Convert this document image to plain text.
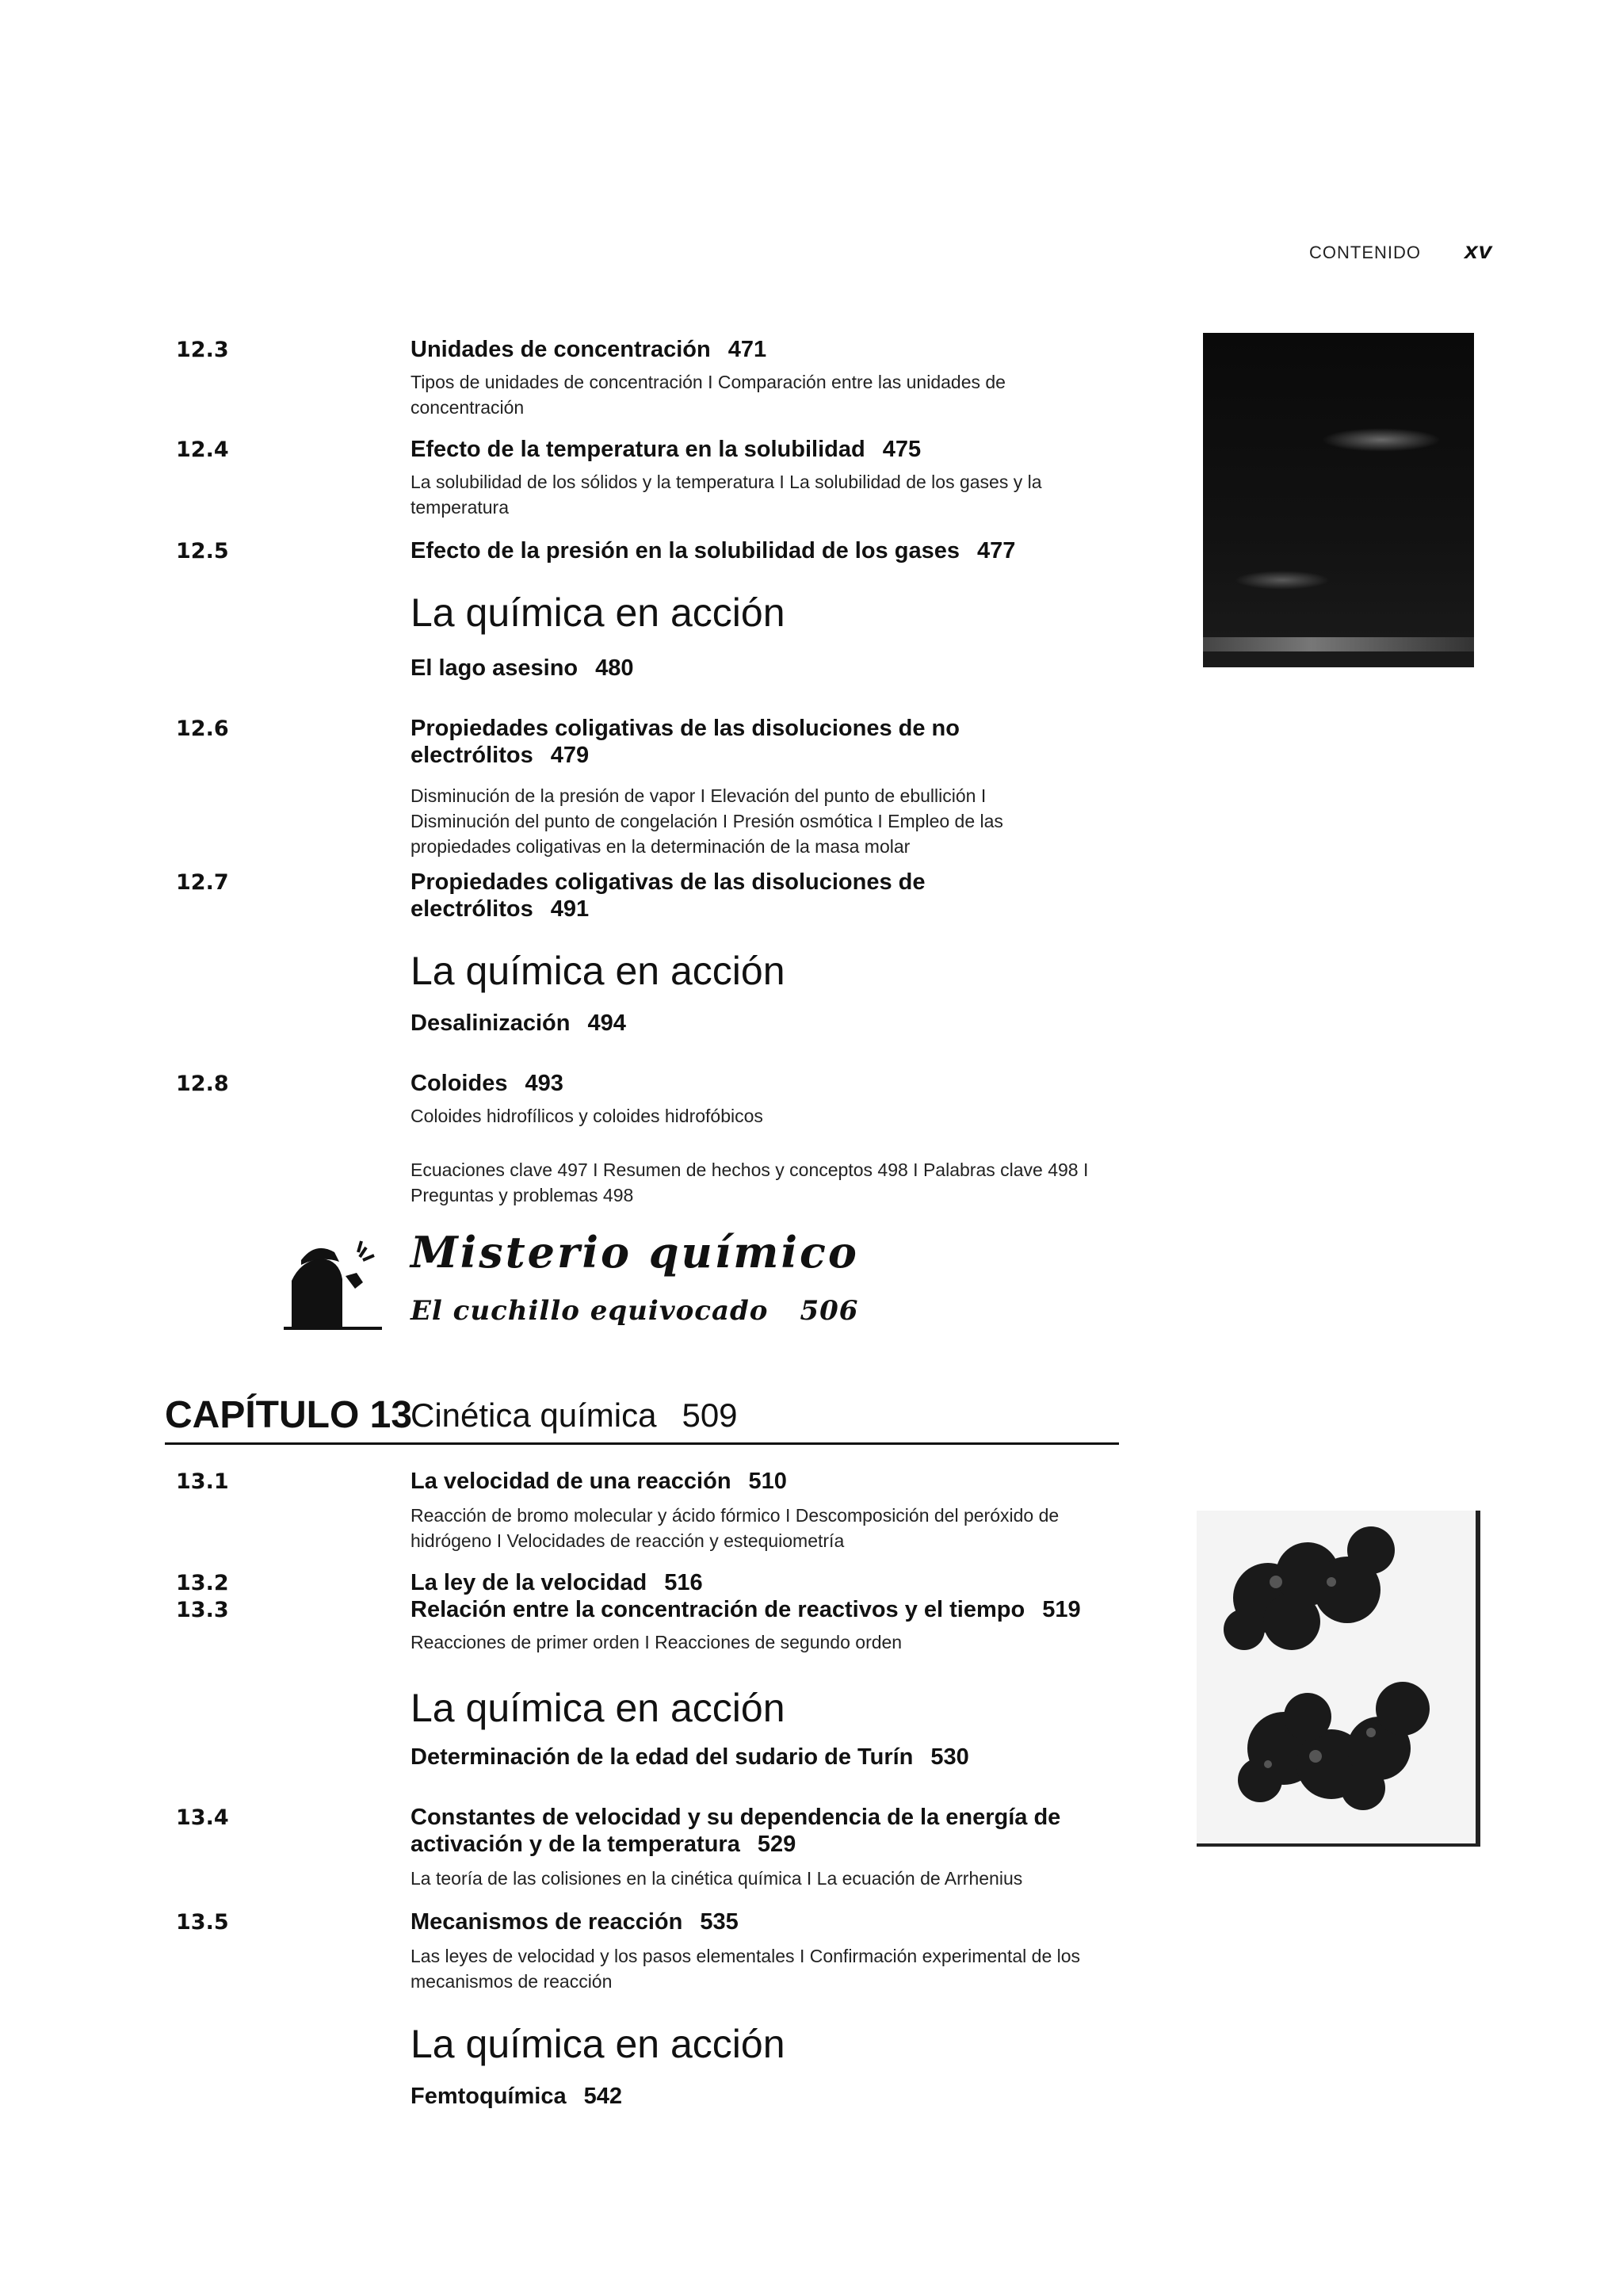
CONTENIDO xv
12.3	Unidades de concentración 471
Tipos de unidades de concentración I Comparación entre las unidades de concentración
12.4	Efecto de la temperatura en la solubilidad 475
La solubilidad de los sólidos y la temperatura I La solubilidad de los gases y la temperatura
12.5	Efecto de la presión en la solubilidad de los gases 477
La química en acción
El lago asesino 480
12.6	Propiedades coligativas de las disoluciones de no electrólitos 479
Disminución de la presión de vapor I Elevación del punto de ebullición I Disminución del punto de congelación I Presión osmótica I Empleo de las propiedades coligativas en la determinación de la masa molar
12.7	Propiedades coligativas de las disoluciones de electrólitos 491
La química en acción
Desalinización 494
12.8	Coloides 493
Coloides hidrofílicos y coloides hidrofóbicos
Ecuaciones clave 497 I Resumen de hechos y conceptos 498 I Palabras clave 498 I Preguntas y problemas 498
Misterio químico
El cuchillo equivocado 506
CAPÍTULO 13
Cinética química 509
13.1	La velocidad de una reacción 510
Reacción de bromo molecular y ácido fórmico I Descomposición del peróxido de hidrógeno I Velocidades de reacción y estequiometría
13.2	La ley de la velocidad 516
13.3	Relación entre la concentración de reactivos y el tiempo 519
Reacciones de primer orden I Reacciones de segundo orden
La química en acción
Determinación de la edad del sudario de Turín 530
13.4	Constantes de velocidad y su dependencia de la energía de activación y de la temperatura 529
La teoría de las colisiones en la cinética química I La ecuación de Arrhenius
13.5	Mecanismos de reacción 535
Las leyes de velocidad y los pasos elementales I Confirmación experimental de los mecanismos de reacción
La química en acción
Femtoquímica 542
